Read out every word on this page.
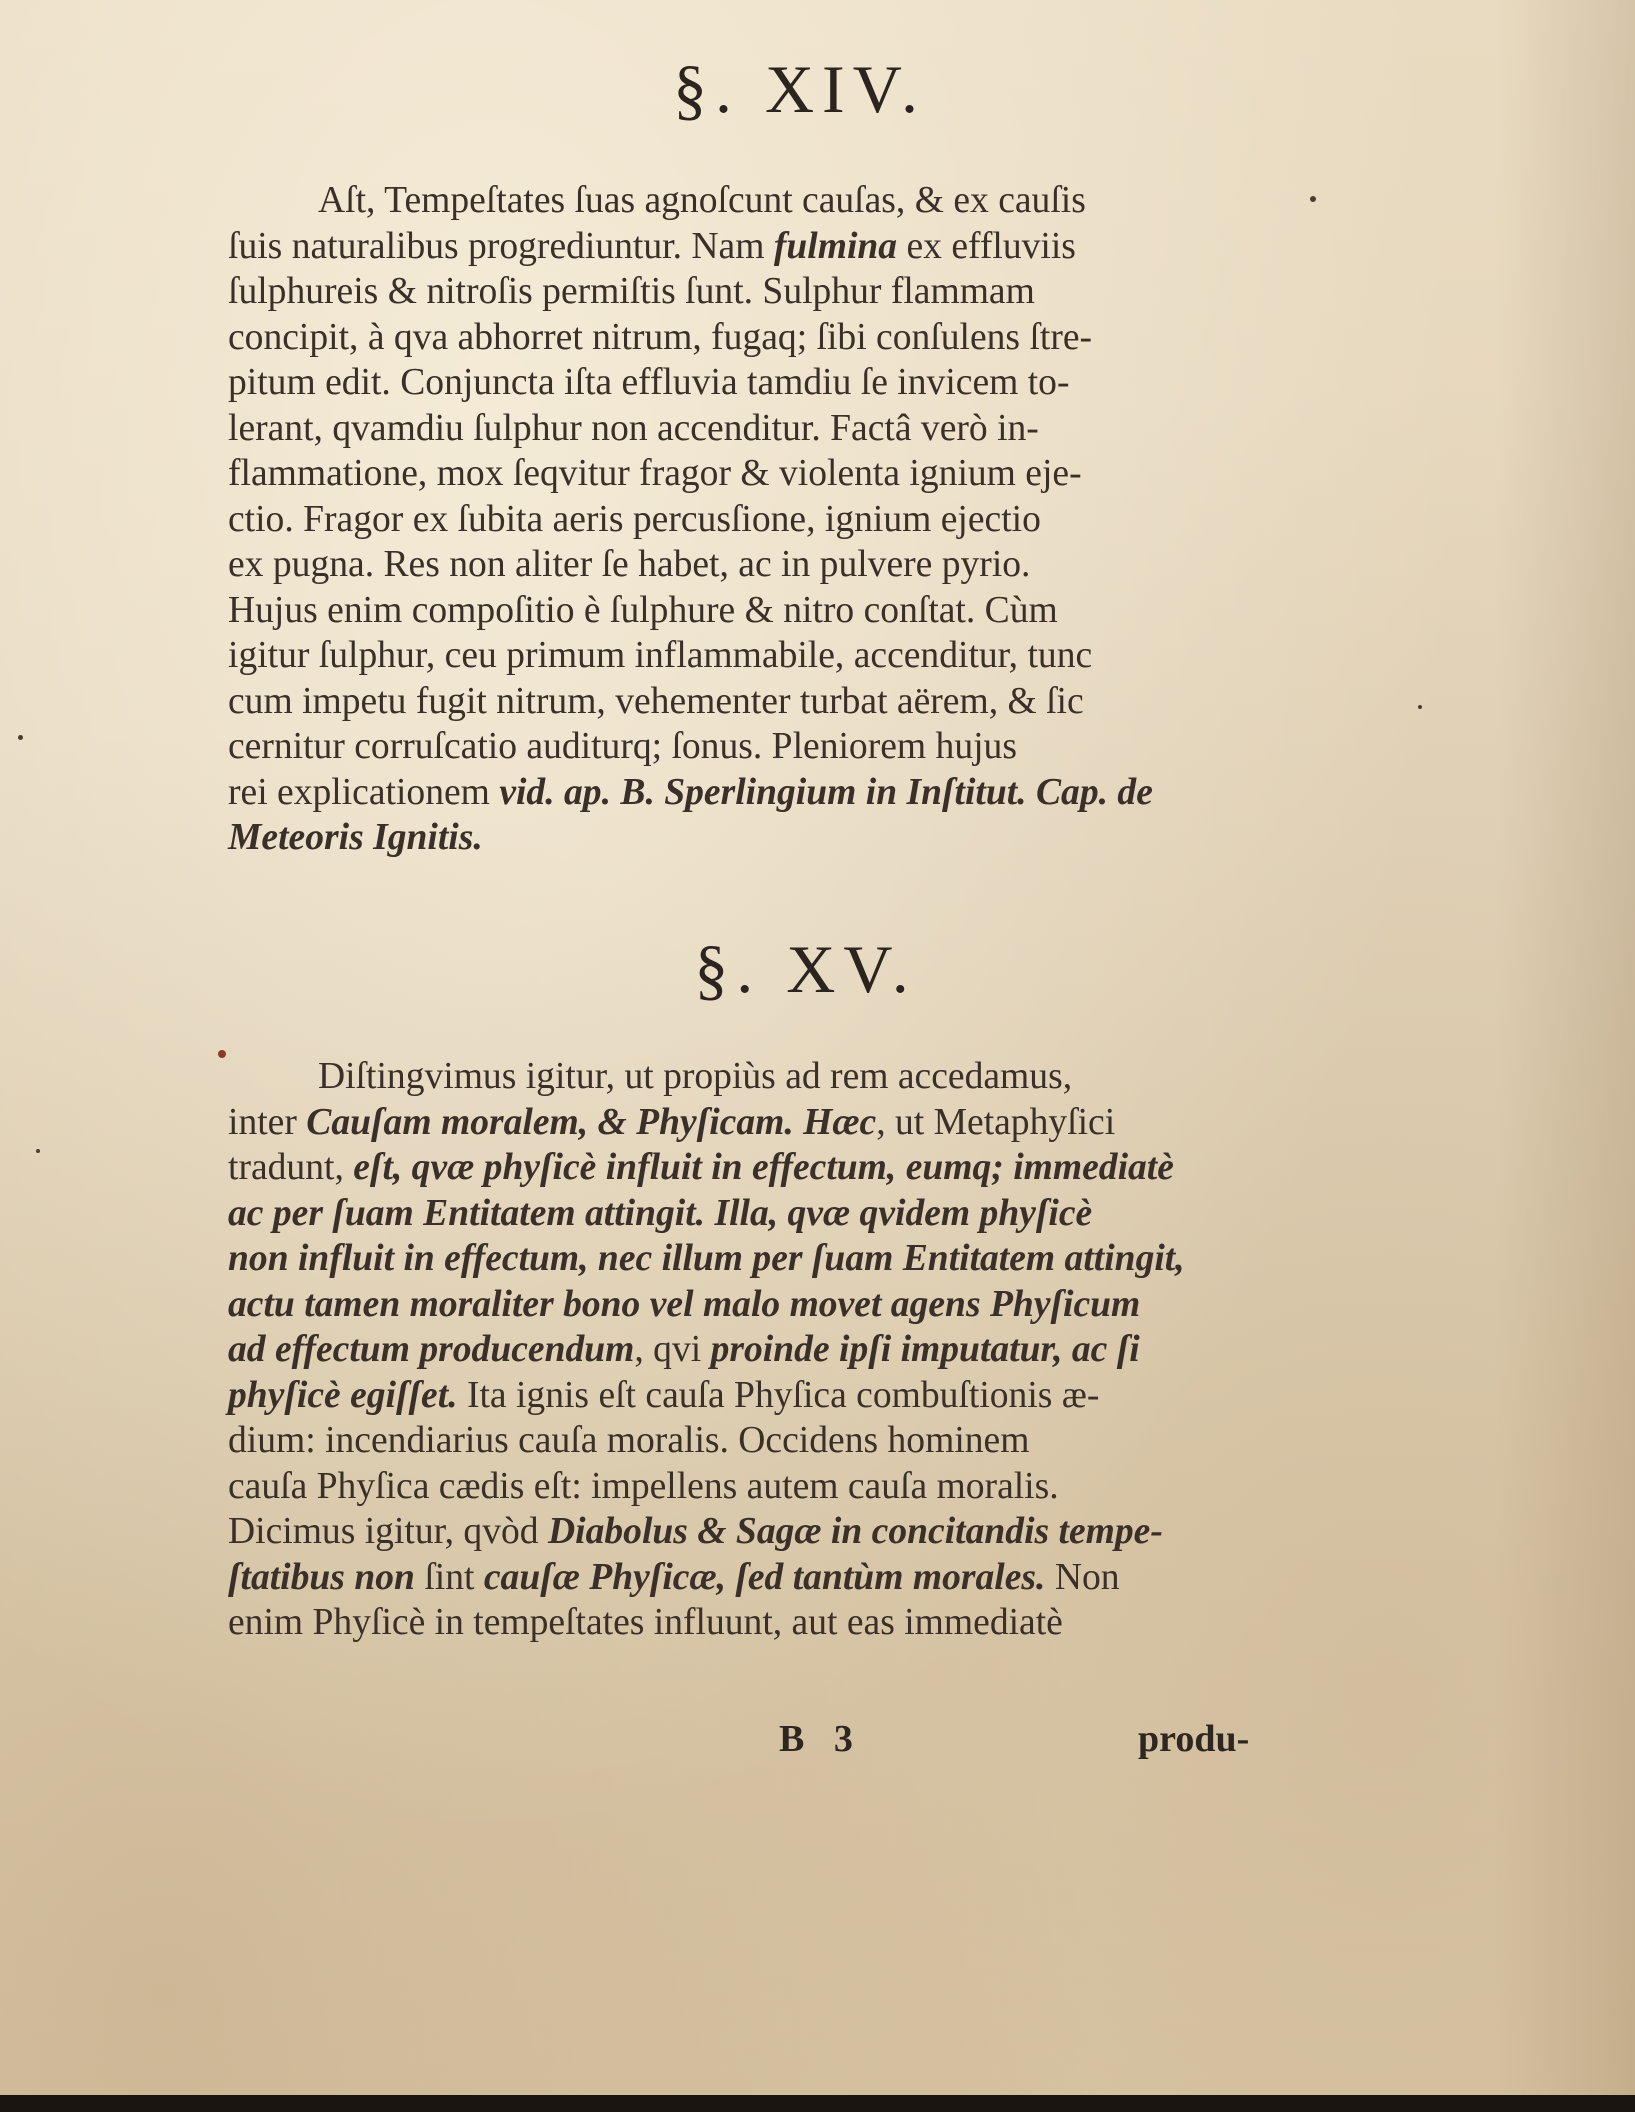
§. XIV.

Aſt, Tempeſtates ſuas agnoſcunt cauſas, & ex cauſis
ſuis naturalibus progrediuntur. Nam fulmina ex effluviis
ſulphureis & nitroſis permiſtis ſunt. Sulphur flammam
concipit, à qva abhorret nitrum, fugaq; ſibi conſulens ſtre-
pitum edit. Conjuncta iſta effluvia tamdiu ſe invicem to-
lerant, qvamdiu ſulphur non accenditur. Factâ verò in-
flammatione, mox ſeqvitur fragor & violenta ignium eje-
ctio. Fragor ex ſubita aeris percusſione, ignium ejectio
ex pugna. Res non aliter ſe habet, ac in pulvere pyrio.
Hujus enim compoſitio è ſulphure & nitro conſtat. Cùm
igitur ſulphur, ceu primum inflammabile, accenditur, tunc
cum impetu fugit nitrum, vehementer turbat aërem, & ſic
cernitur corruſcatio auditurq; ſonus. Pleniorem hujus
rei explicationem vid. ap. B. Sperlingium in Inſtitut. Cap. de
Meteoris Ignitis.

§. XV.

Diſtingvimus igitur, ut propiùs ad rem accedamus,
inter Cauſam moralem, & Phyſicam. Hæc, ut Metaphyſici
tradunt, eſt, qvæ phyſicè influit in effectum, eumq; immediatè
ac per ſuam Entitatem attingit. Illa, qvæ qvidem phyſicè
non influit in effectum, nec illum per ſuam Entitatem attingit,
actu tamen moraliter bono vel malo movet agens Phyſicum
ad effectum producendum, qvi proinde ipſi imputatur, ac ſi
phyſicè egiſſet. Ita ignis eſt cauſa Phyſica combuſtionis æ-
dium: incendiarius cauſa moralis. Occidens hominem
cauſa Phyſica cædis eſt: impellens autem cauſa moralis.
Dicimus igitur, qvòd Diabolus & Sagæ in concitandis tempe-
ſtatibus non ſint cauſæ Phyſicæ, ſed tantùm morales. Non
enim Phyſicè in tempeſtates influunt, aut eas immediatè

B 3	produ-
